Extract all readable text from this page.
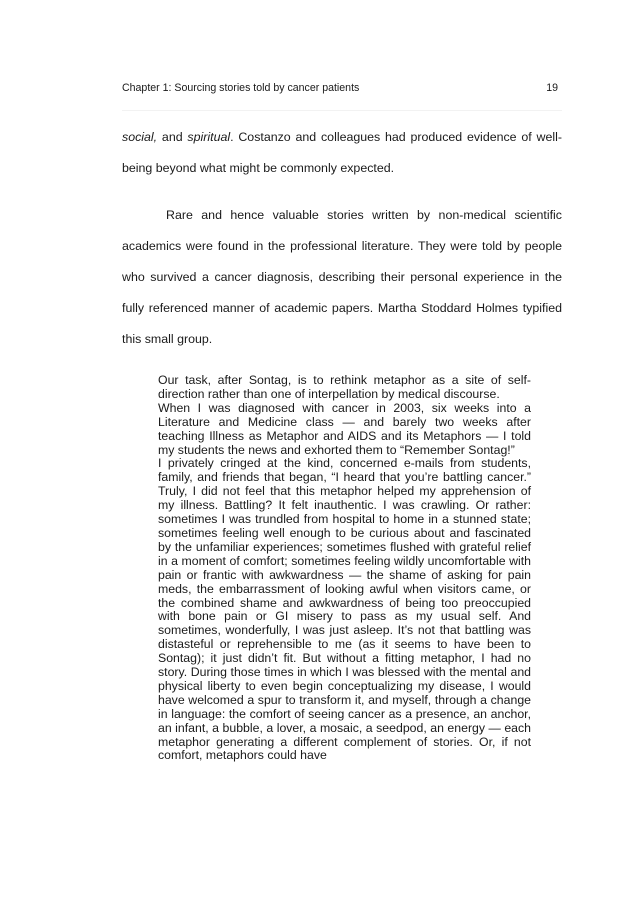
Chapter 1: Sourcing stories told by cancer patients	19

social, and spiritual. Costanzo and colleagues had produced evidence of well-being beyond what might be commonly expected.

Rare and hence valuable stories written by non-medical scientific academics were found in the professional literature. They were told by people who survived a cancer diagnosis, describing their personal experience in the fully referenced manner of academic papers. Martha Stoddard Holmes typified this small group.

Our task, after Sontag, is to rethink metaphor as a site of self-direction rather than one of interpellation by medical discourse.

When I was diagnosed with cancer in 2003, six weeks into a Literature and Medicine class — and barely two weeks after teaching Illness as Metaphor and AIDS and its Metaphors — I told my students the news and exhorted them to “Remember Sontag!”

I privately cringed at the kind, concerned e-mails from students, family, and friends that began, “I heard that you’re battling cancer.” Truly, I did not feel that this metaphor helped my apprehension of my illness. Battling? It felt inauthentic. I was crawling. Or rather: sometimes I was trundled from hospital to home in a stunned state; sometimes feeling well enough to be curious about and fascinated by the unfamiliar experiences; sometimes flushed with grateful relief in a moment of comfort; sometimes feeling wildly uncomfortable with pain or frantic with awkwardness — the shame of asking for pain meds, the embarrassment of looking awful when visitors came, or the combined shame and awkwardness of being too preoccupied with bone pain or GI misery to pass as my usual self. And sometimes, wonderfully, I was just asleep. It’s not that battling was distasteful or reprehensible to me (as it seems to have been to Sontag); it just didn’t fit. But without a fitting metaphor, I had no story. During those times in which I was blessed with the mental and physical liberty to even begin conceptualizing my disease, I would have welcomed a spur to transform it, and myself, through a change in language: the comfort of seeing cancer as a presence, an anchor, an infant, a bubble, a lover, a mosaic, a seedpod, an energy — each metaphor generating a different complement of stories. Or, if not comfort, metaphors could have
